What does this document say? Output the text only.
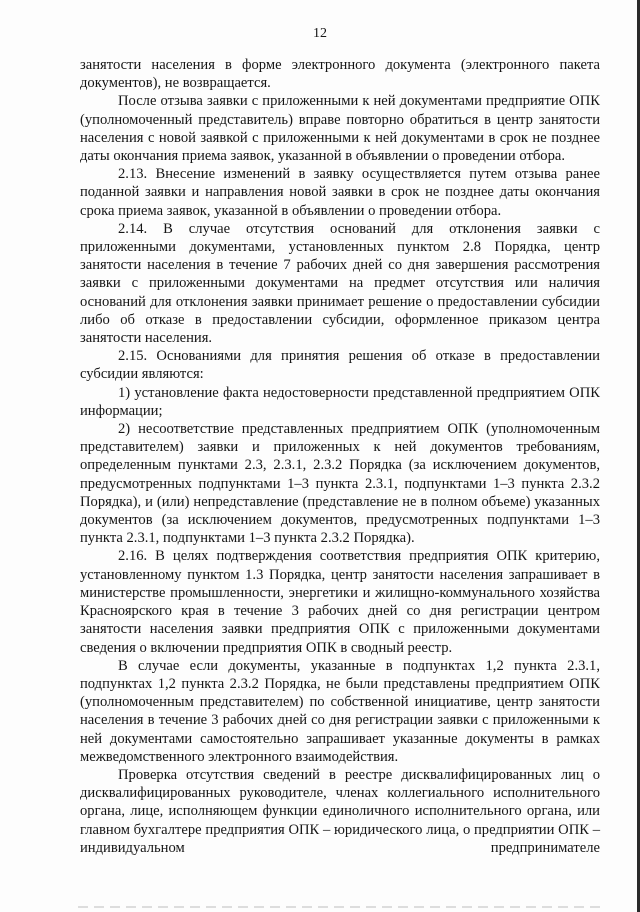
12

занятости населения в форме электронного документа (электронного пакета документов), не возвращается.

После отзыва заявки с приложенными к ней документами предприятие ОПК (уполномоченный представитель) вправе повторно обратиться в центр занятости населения с новой заявкой с приложенными к ней документами в срок не позднее даты окончания приема заявок, указанной в объявлении о проведении отбора.

2.13. Внесение изменений в заявку осуществляется путем отзыва ранее поданной заявки и направления новой заявки в срок не позднее даты окончания срока приема заявок, указанной в объявлении о проведении отбора.

2.14. В случае отсутствия оснований для отклонения заявки с приложенными документами, установленных пунктом 2.8 Порядка, центр занятости населения в течение 7 рабочих дней со дня завершения рассмотрения заявки с приложенными документами на предмет отсутствия или наличия оснований для отклонения заявки принимает решение о предоставлении субсидии либо об отказе в предоставлении субсидии, оформленное приказом центра занятости населения.

2.15. Основаниями для принятия решения об отказе в предоставлении субсидии являются:

1) установление факта недостоверности представленной предприятием ОПК информации;

2) несоответствие представленных предприятием ОПК (уполномоченным представителем) заявки и приложенных к ней документов требованиям, определенным пунктами 2.3, 2.3.1, 2.3.2 Порядка (за исключением документов, предусмотренных подпунктами 1–3 пункта 2.3.1, подпунктами 1–3 пункта 2.3.2 Порядка), и (или) непредставление (представление не в полном объеме) указанных документов (за исключением документов, предусмотренных подпунктами 1–3 пункта 2.3.1, подпунктами 1–3 пункта 2.3.2 Порядка).

2.16. В целях подтверждения соответствия предприятия ОПК критерию, установленному пунктом 1.3 Порядка, центр занятости населения запрашивает в министерстве промышленности, энергетики и жилищно-коммунального хозяйства Красноярского края в течение 3 рабочих дней со дня регистрации центром занятости населения заявки предприятия ОПК с приложенными документами сведения о включении предприятия ОПК в сводный реестр.

В случае если документы, указанные в подпунктах 1,2 пункта 2.3.1, подпунктах 1,2 пункта 2.3.2 Порядка, не были представлены предприятием ОПК (уполномоченным представителем) по собственной инициативе, центр занятости населения в течение 3 рабочих дней со дня регистрации заявки с приложенными к ней документами самостоятельно запрашивает указанные документы в рамках межведомственного электронного взаимодействия.

Проверка отсутствия сведений в реестре дисквалифицированных лиц о дисквалифицированных руководителе, членах коллегиального исполнительного органа, лице, исполняющем функции единоличного исполнительного органа, или главном бухгалтере предприятия ОПК – юридического лица, о предприятии ОПК – индивидуальном предпринимателе
